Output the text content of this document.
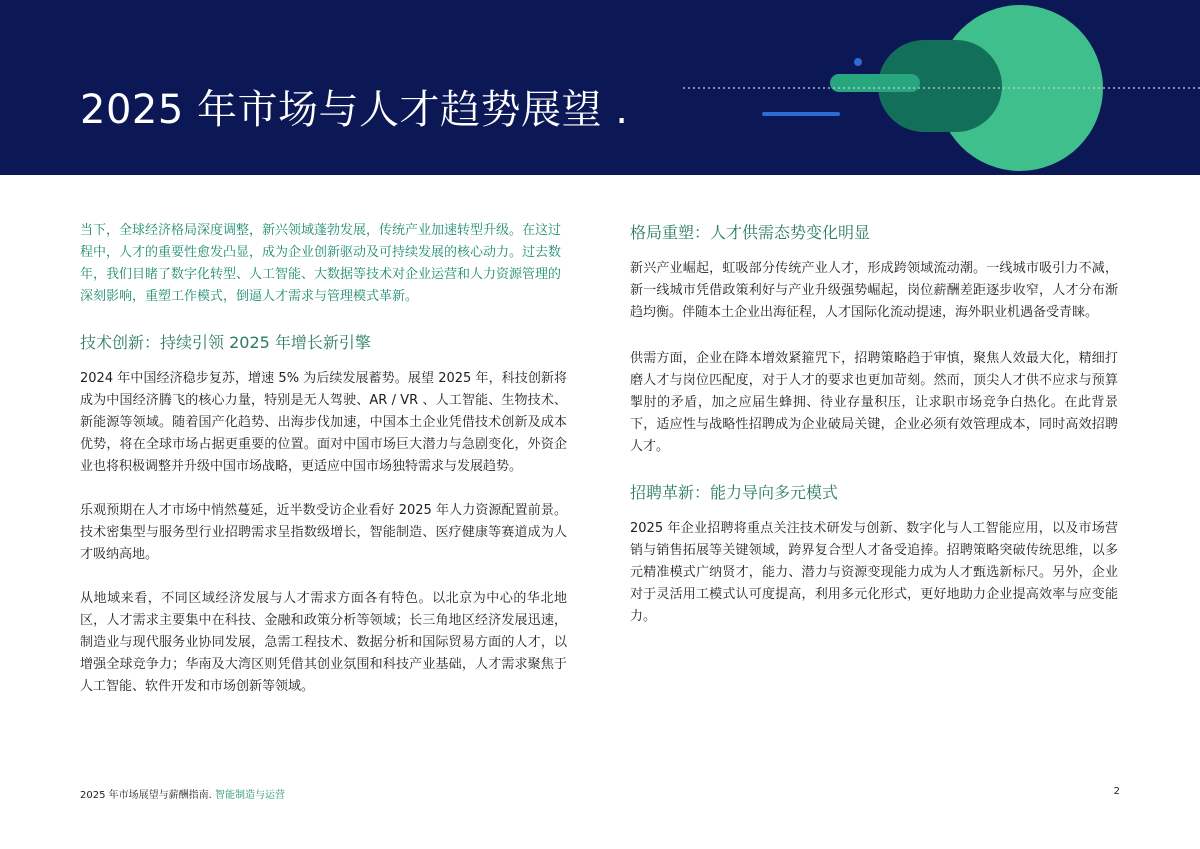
2025 年市场与人才趋势展望 .

当下，全球经济格局深度调整，新兴领域蓬勃发展，传统产业加速转型升级。在这过程中，人才的重要性愈发凸显，成为企业创新驱动及可持续发展的核心动力。过去数年，我们目睹了数字化转型、人工智能、大数据等技术对企业运营和人力资源管理的深刻影响，重塑工作模式，倒逼人才需求与管理模式革新。

技术创新：持续引领 2025 年增长新引擎

2024 年中国经济稳步复苏，增速 5% 为后续发展蓄势。展望 2025 年，科技创新将成为中国经济腾飞的核心力量，特别是无人驾驶、AR / VR 、人工智能、生物技术、新能源等领域。随着国产化趋势、出海步伐加速，中国本土企业凭借技术创新及成本优势，将在全球市场占据更重要的位置。面对中国市场巨大潜力与急剧变化，外资企业也将积极调整并升级中国市场战略，更适应中国市场独特需求与发展趋势。

乐观预期在人才市场中悄然蔓延，近半数受访企业看好 2025 年人力资源配置前景。技术密集型与服务型行业招聘需求呈指数级增长，智能制造、医疗健康等赛道成为人才吸纳高地。

从地域来看，不同区域经济发展与人才需求方面各有特色。以北京为中心的华北地区，人才需求主要集中在科技、金融和政策分析等领域；长三角地区经济发展迅速，制造业与现代服务业协同发展，急需工程技术、数据分析和国际贸易方面的人才，以增强全球竞争力；华南及大湾区则凭借其创业氛围和科技产业基础，人才需求聚焦于人工智能、软件开发和市场创新等领域。

格局重塑：人才供需态势变化明显

新兴产业崛起，虹吸部分传统产业人才，形成跨领域流动潮。一线城市吸引力不减，新一线城市凭借政策利好与产业升级强势崛起，岗位薪酬差距逐步收窄，人才分布渐趋均衡。伴随本土企业出海征程，人才国际化流动提速，海外职业机遇备受青睐。

供需方面，企业在降本增效紧箍咒下，招聘策略趋于审慎，聚焦人效最大化，精细打磨人才与岗位匹配度，对于人才的要求也更加苛刻。然而，顶尖人才供不应求与预算掣肘的矛盾，加之应届生蜂拥、待业存量积压，让求职市场竞争白热化。在此背景下，适应性与战略性招聘成为企业破局关键，企业必须有效管理成本，同时高效招聘人才。

招聘革新：能力导向多元模式

2025 年企业招聘将重点关注技术研发与创新、数字化与人工智能应用，以及市场营销与销售拓展等关键领域，跨界复合型人才备受追捧。招聘策略突破传统思维，以多元精准模式广纳贤才，能力、潜力与资源变现能力成为人才甄选新标尺。另外，企业对于灵活用工模式认可度提高，利用多元化形式，更好地助力企业提高效率与应变能力。

2025 年市场展望与薪酬指南. 智能制造与运营	2
